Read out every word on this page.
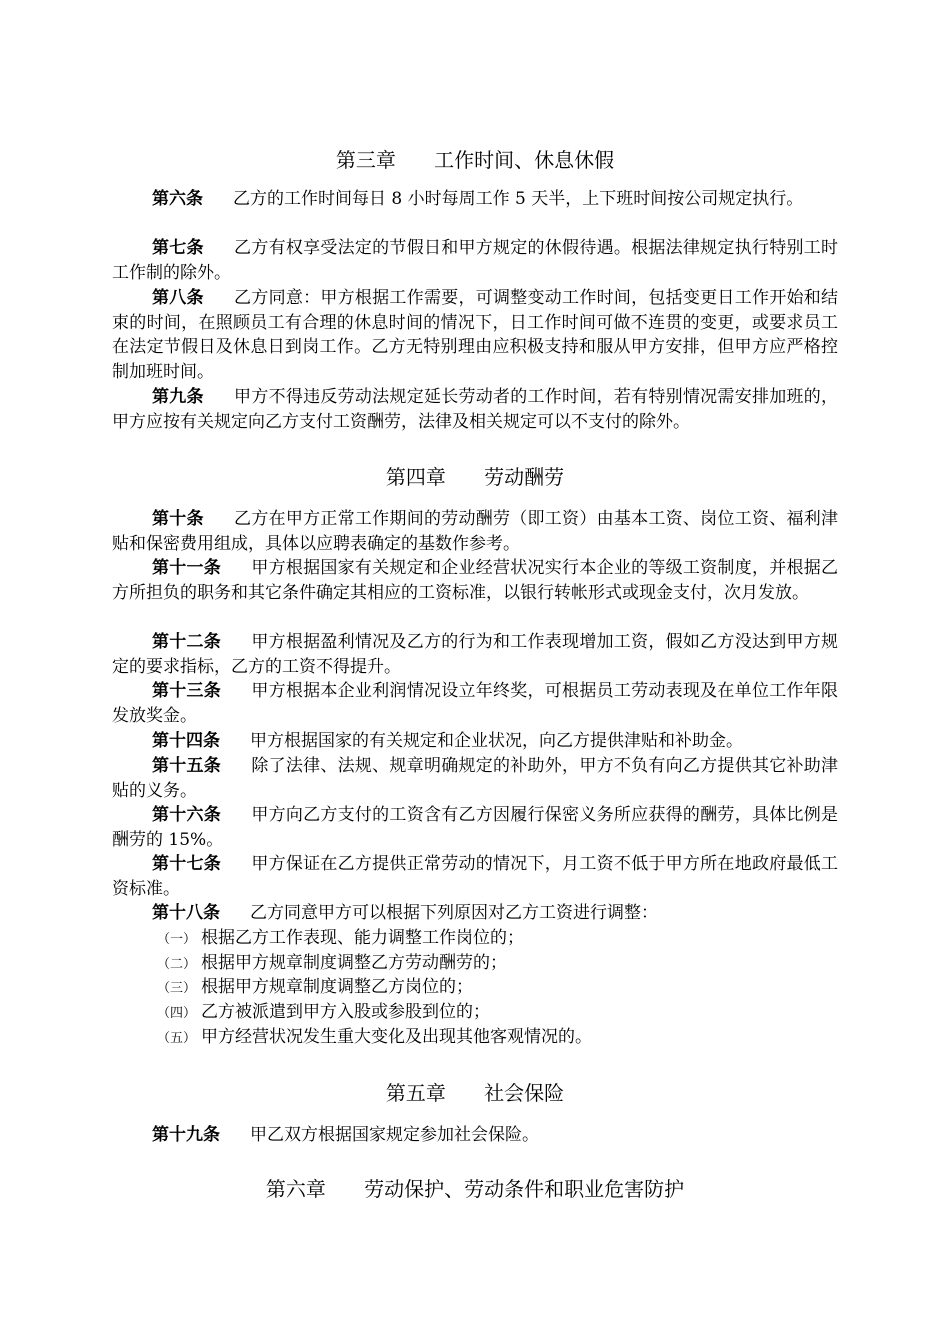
第三章      工作时间、休息休假
第六条 乙方的工作时间每日 8 小时每周工作 5 天半，上下班时间按公司规定执行。
第七条 乙方有权享受法定的节假日和甲方规定的休假待遇。根据法律规定执行特别工时工作制的除外。
第八条 乙方同意：甲方根据工作需要，可调整变动工作时间，包括变更日工作开始和结束的时间，在照顾员工有合理的休息时间的情况下，日工作时间可做不连贯的变更，或要求员工在法定节假日及休息日到岗工作。乙方无特别理由应积极支持和服从甲方安排，但甲方应严格控制加班时间。
第九条 甲方不得违反劳动法规定延长劳动者的工作时间，若有特别情况需安排加班的，甲方应按有关规定向乙方支付工资酬劳，法律及相关规定可以不支付的除外。
第四章      劳动酬劳
第十条 乙方在甲方正常工作期间的劳动酬劳（即工资）由基本工资、岗位工资、福利津贴和保密费用组成，具体以应聘表确定的基数作参考。
第十一条 甲方根据国家有关规定和企业经营状况实行本企业的等级工资制度，并根据乙方所担负的职务和其它条件确定其相应的工资标准，以银行转帐形式或现金支付，次月发放。
第十二条 甲方根据盈利情况及乙方的行为和工作表现增加工资，假如乙方没达到甲方规定的要求指标，乙方的工资不得提升。
第十三条 甲方根据本企业利润情况设立年终奖，可根据员工劳动表现及在单位工作年限发放奖金。
第十四条 甲方根据国家的有关规定和企业状况，向乙方提供津贴和补助金。
第十五条 除了法律、法规、规章明确规定的补助外，甲方不负有向乙方提供其它补助津贴的义务。
第十六条 甲方向乙方支付的工资含有乙方因履行保密义务所应获得的酬劳，具体比例是酬劳的 15%。
第十七条 甲方保证在乙方提供正常劳动的情况下，月工资不低于甲方所在地政府最低工资标准。
第十八条 乙方同意甲方可以根据下列原因对乙方工资进行调整：
（一） 根据乙方工作表现、能力调整工作岗位的；
（二） 根据甲方规章制度调整乙方劳动酬劳的；
（三） 根据甲方规章制度调整乙方岗位的；
（四） 乙方被派遣到甲方入股或参股到位的；
（五） 甲方经营状况发生重大变化及出现其他客观情况的。
第五章      社会保险
第十九条 甲乙双方根据国家规定参加社会保险。
第六章      劳动保护、劳动条件和职业危害防护
